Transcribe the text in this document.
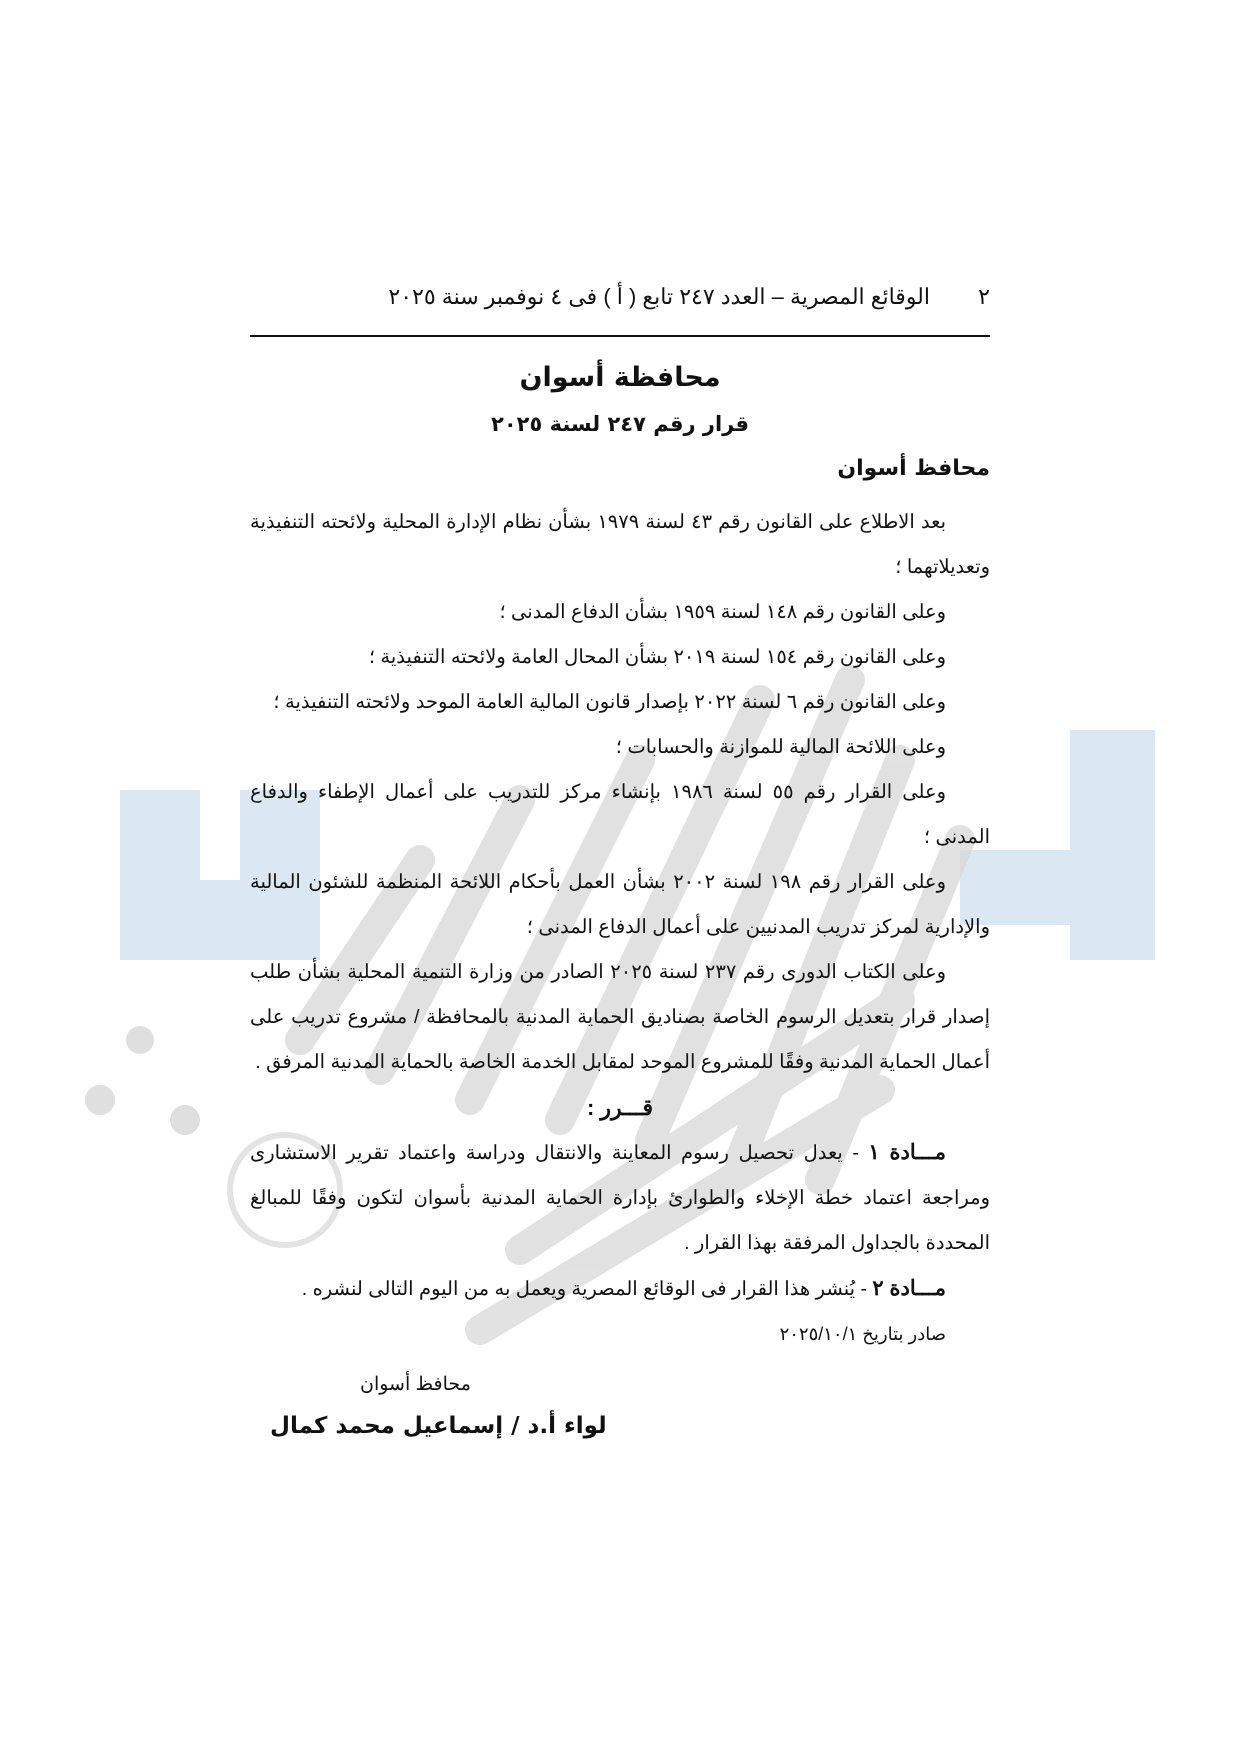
٢
الوقائع المصرية – العدد ٢٤٧ تابع ( أ ) فى ٤ نوفمبر سنة ٢٠٢٥
محافظة أسوان
قرار رقم ٢٤٧ لسنة ٢٠٢٥
محافظ أسوان

بعد الاطلاع على القانون رقم ٤٣ لسنة ١٩٧٩ بشأن نظام الإدارة المحلية ولائحته التنفيذية وتعديلاتهما ؛

وعلى القانون رقم ١٤٨ لسنة ١٩٥٩ بشأن الدفاع المدنى ؛

وعلى القانون رقم ١٥٤ لسنة ٢٠١٩ بشأن المحال العامة ولائحته التنفيذية ؛

وعلى القانون رقم ٦ لسنة ٢٠٢٢ بإصدار قانون المالية العامة الموحد ولائحته التنفيذية ؛

وعلى اللائحة المالية للموازنة والحسابات ؛

وعلى القرار رقم ٥٥ لسنة ١٩٨٦ بإنشاء مركز للتدريب على أعمال الإطفاء والدفاع المدنى ؛

وعلى القرار رقم ١٩٨ لسنة ٢٠٠٢ بشأن العمل بأحكام اللائحة المنظمة للشئون المالية والإدارية لمركز تدريب المدنيين على أعمال الدفاع المدنى ؛

وعلى الكتاب الدورى رقم ٢٣٧ لسنة ٢٠٢٥ الصادر من وزارة التنمية المحلية بشأن طلب إصدار قرار بتعديل الرسوم الخاصة بصناديق الحماية المدنية بالمحافظة / مشروع تدريب على أعمال الحماية المدنية وفقًا للمشروع الموحد لمقابل الخدمة الخاصة بالحماية المدنية المرفق .

قـــرر :

مـــادة ١ - يعدل تحصيل رسوم المعاينة والانتقال ودراسة واعتماد تقرير الاستشارى ومراجعة اعتماد خطة الإخلاء والطوارئ بإدارة الحماية المدنية بأسوان لتكون وفقًا للمبالغ المحددة بالجداول المرفقة بهذا القرار .

مـــادة ٢ - يُنشر هذا القرار فى الوقائع المصرية ويعمل به من اليوم التالى لنشره .

صادر بتاريخ ٢٠٢٥/١٠/١

محافظ أسوان
لواء أ.د / إسماعيل محمد كمال
